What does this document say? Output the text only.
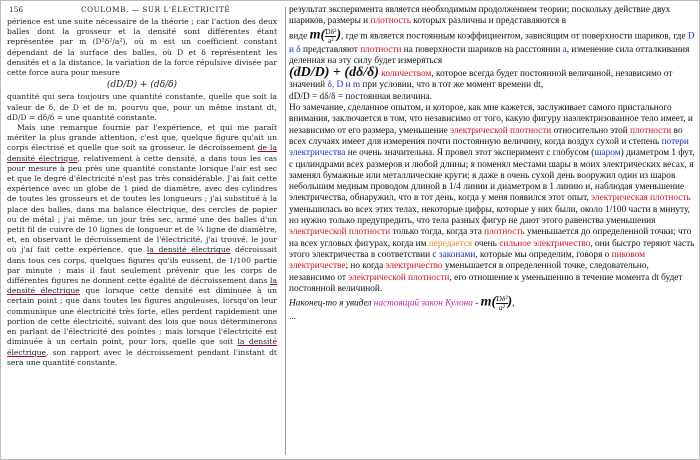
156	COULOMB, — SUR L'ÉLECTRICITÉ

périence est une suite nécessaire de la théorie ; car l'action des deux balles dont la grosseur et la densité sont différentes étant représentée par m (D²δ²/a²), où m est un coefficient constant dépendant de la surface des balles, où D et δ représentent les densités et a la distance, la variation de la force répulsive divisée par cette force aura pour mesure

(dD/D) + (dδ/δ)

quantité qui sera toujours une quantité constante, quelle que soit la valeur de δ, de D et de m, pourvu que, pour un même instant dt, dD/D = dδ/δ = une quantité constante.

Mais une remarque fournie par l'expérience, et qui me paraît mériter la plus grande attention, c'est que, quelque figure qu'ait un corps électrisé et quelle que soit sa grosseur, le décroissement de la densité électrique, relativement à cette densité, a dans tous les cas pour mesure à peu près une quantité constante lorsque l'air est sec et que le degré d'électricité n'est pas très considérable. J'ai fait cette expérience avec un globe de 1 pied de diamètre, avec des cylindres de toutes les grosseurs et de toutes les longueurs ; j'ai substitué à la place des balles, dans ma balance électrique, des cercles de papier ou de métal ; j'ai même, un jour très sec, armé une des balles d'un petit fil de cuivre de 10 lignes de longueur et de ¼ ligne de diamètre, et, en observant le décroissement de l'électricité, j'ai trouvé, le jour où j'ai fait cette expérience, que la densité électrique décroissait dans tous ces corps, quelques figures qu'ils eussent, de 1/100 partie par minute : mais il faut seulement prévenir que les corps de différentes figures ne donnent cette égalité de décroissement dans la densité électrique que lorsque cette densité est diminuée à un certain point ; que dans toutes les figures anguleuses, lorsqu'on leur communique une électricité très forte, elles perdent rapidement une portion de cette électricité, suivant des lois que nous déterminerons en parlant de l'électricité des pointes ; mais lorsque l'électricité est diminuée à un certain point, pour lors, quelle que soit la densité électrique, son rapport avec le décroissement pendant l'instant dt sera une quantité constante.

результат эксперимента является необходимым продолжением теории; поскольку действие двух шариков, размеры и плотность которых различны и представляются в

виде $m( \frac{\text{Dδ²}}{\text{a²}}$ ), где m является постоянным коэффициентом, зависящим от поверхности шариков, где D и δ представляют плотности на поверхности шариков на расстоянии a, изменение сила отталкивания деленная на эту силу будет измеряться

(dD/D) + (dδ/δ) количеством, которое всегда будет постоянной величиной, независимо от значений δ, D и m при условии, что в тот же момент времени dt,
dD/D = dδ/δ = постоянная величина.

Но замечание, сделанное опытом, и которое, как мне кажется, заслуживает самого пристального внимания, заключается в том, что независимо от того, какую фигуру наэлектризованное тело имеет, и независимо от его размера, уменьшение электрической плотности относительно этой плотности во всех случаях имеет для измерения почти постоянную величину, когда воздух сухой и степень потери электричества не очень значительна. Я провел этот эксперимент с глобусом (шаром) диаметром 1 фут, с цилиндрами всех размеров и любой длины; я поменял местами шары в моих электрических весах, я заменял бумажные или металлические круги; я даже в очень сухой день вооружил один из шаров небольшим медным проводом длиной в 1/4 линии и диаметром в 1 линию и, наблюдая уменьшение электричества, обнаружил, что в тот день, когда у меня появился этот опыт, электрическая плотность уменьшилась во всех этих телах, некоторые цифры, которые у них были, около 1/100 части в минуту, но нужно только предупредить, что тела разных фигур не дают этого равенства уменьшения электрической плотности только тогда, когда эта плотность уменьшается до определенной точки; что на всех угловых фигурах, когда им передается очень сильное электричество, они быстро теряют часть этого электричества в соответствии с законами, которые мы определим, говоря о пиковом электричестве; но когда электричество уменьшается в определенной точке, следовательно, независимо от электрической плотности, его отношение к уменьшению в течение момента dt будет постоянной величиной.

Наконец-то я увидел настоящий закон Кулона - $m( \frac{\text{Dδ²}}{\text{a²}}$ ),

...
